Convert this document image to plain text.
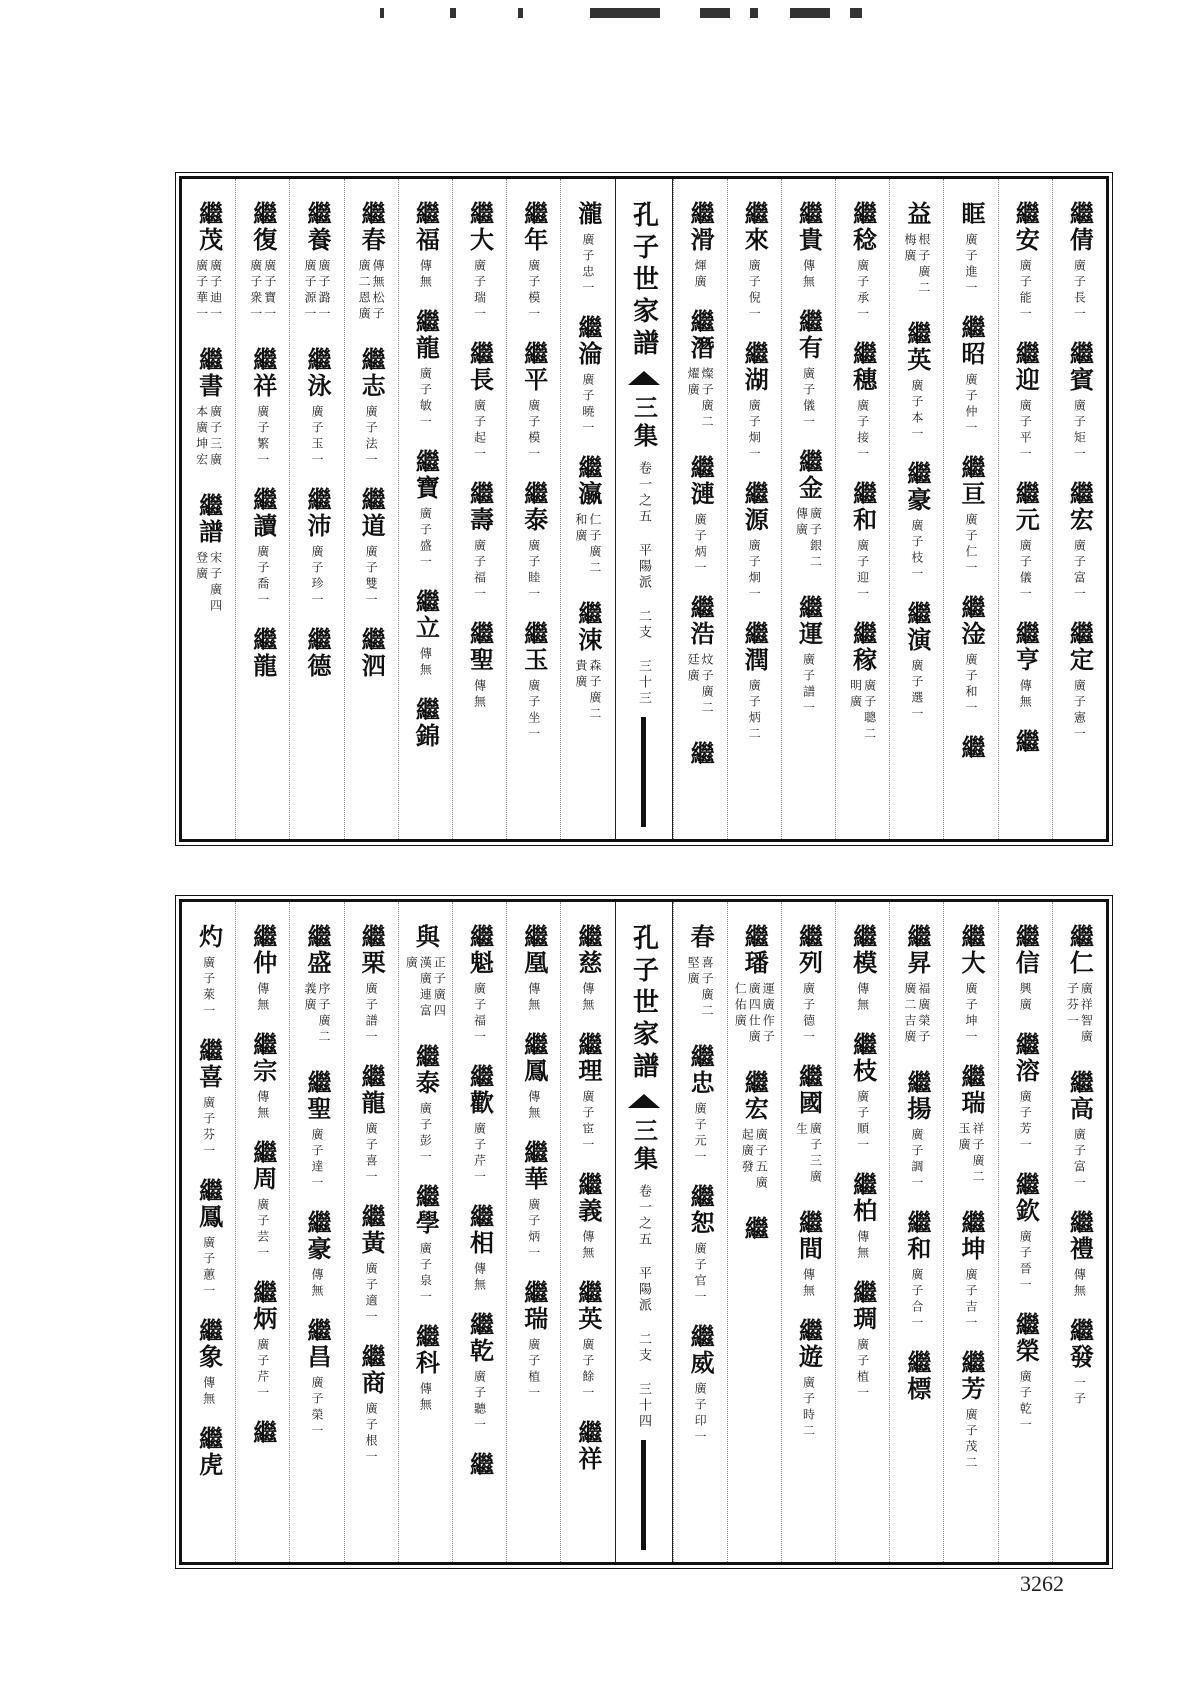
繼倩
廣子長一
繼賓
廣子矩一
繼宏
廣子富一
繼定
廣子憲一
繼安
廣子能一
繼迎
廣子平一
繼元
廣子儀一
繼亨
傳無
繼
眶
廣子進一
繼昭
廣子仲一
繼亘
廣子仁一
繼淦
廣子和一
繼
益
根子廣二梅廣
繼英
廣子本一
繼豪
廣子枝一
繼演
廣子選一
繼稔
廣子承一
繼穗
廣子接一
繼和
廣子迎一
繼稼
廣子聰二明廣
繼貴
傳無
繼有
廣子儀一
繼金
廣子銀二傳廣
繼運
廣子譜一
繼來
廣子倪一
繼湖
廣子炯一
繼源
廣子炯一
繼潤
廣子炳二
繼滑
煇廣
繼潛
燦子廣二燿廣
繼漣
廣子炳一
繼浩
炆子廣二廷廣
繼
孔子世家譜
三集
卷一之五 平陽派 二支 三十三
瀧
廣子忠一
繼淪
廣子曉一
繼瀛
仁子廣二和廣
繼涑
森子廣二貴廣
繼年
廣子模一
繼平
廣子模一
繼泰
廣子睦一
繼玉
廣子坐一
繼大
廣子瑞一
繼長
廣子起一
繼壽
廣子福一
繼聖
傳無
繼福
傳無
繼龍
廣子敏一
繼寶
廣子盛一
繼立
傳無
繼錦
繼春
傳無松子廣二恩廣
繼志
廣子法一
繼道
廣子雙一
繼泗
繼養
廣子潞一廣子源一
繼泳
廣子玉一
繼沛
廣子珍一
繼德
繼復
廣子寶一廣子衆一
繼祥
廣子繁一
繼讀
廣子喬一
繼龍
繼茂
廣子迪一廣子華一
繼書
廣子三廣本廣坤宏
繼譜
宋子廣四登廣
繼仁
廣祥智廣子芬一
繼高
廣子富一
繼禮
傳無
繼發
一子
繼信
興廣
繼溶
廣子芳一
繼欽
廣子晉一
繼榮
廣子乾一
繼大
廣子坤一
繼瑞
祥子廣二玉廣
繼坤
廣子吉一
繼芳
廣子茂二
繼昇
福廣榮子廣二吉廣
繼揚
廣子調一
繼和
廣子合一
繼標
繼模
傳無
繼枝
廣子順一
繼柏
傳無
繼琱
廣子植一
繼列
廣子德一
繼國
廣子三廣生
繼間
傳無
繼遊
廣子時二
繼璠
運廣作子廣四仕廣仁佑廣
繼宏
廣子五廣起廣發
繼
春
喜子廣二堅廣
繼忠
廣子元一
繼恕
廣子官一
繼威
廣子印一
孔子世家譜
三集
卷一之五 平陽派 二支 三十四
繼慈
傳無
繼理
廣子宦一
繼義
傳無
繼英
廣子餘一
繼祥
繼凰
傳無
繼鳳
傳無
繼華
廣子炳一
繼瑞
廣子植一
繼魁
廣子福一
繼歡
廣子芹一
繼相
傳無
繼乾
廣子聽一
繼
與
正子廣四漢廣連富廣
繼泰
廣子彭一
繼學
廣子泉一
繼科
傳無
繼栗
廣子譜一
繼龍
廣子喜一
繼黃
廣子適一
繼商
廣子根一
繼盛
序子廣二義廣
繼聖
廣子達一
繼豪
傳無
繼昌
廣子榮一
繼仲
傳無
繼宗
傳無
繼周
廣子芸一
繼炳
廣子芹一
繼
灼
廣子萊一
繼喜
廣子芬一
繼鳳
廣子蕙一
繼象
傳無
繼虎
3262
